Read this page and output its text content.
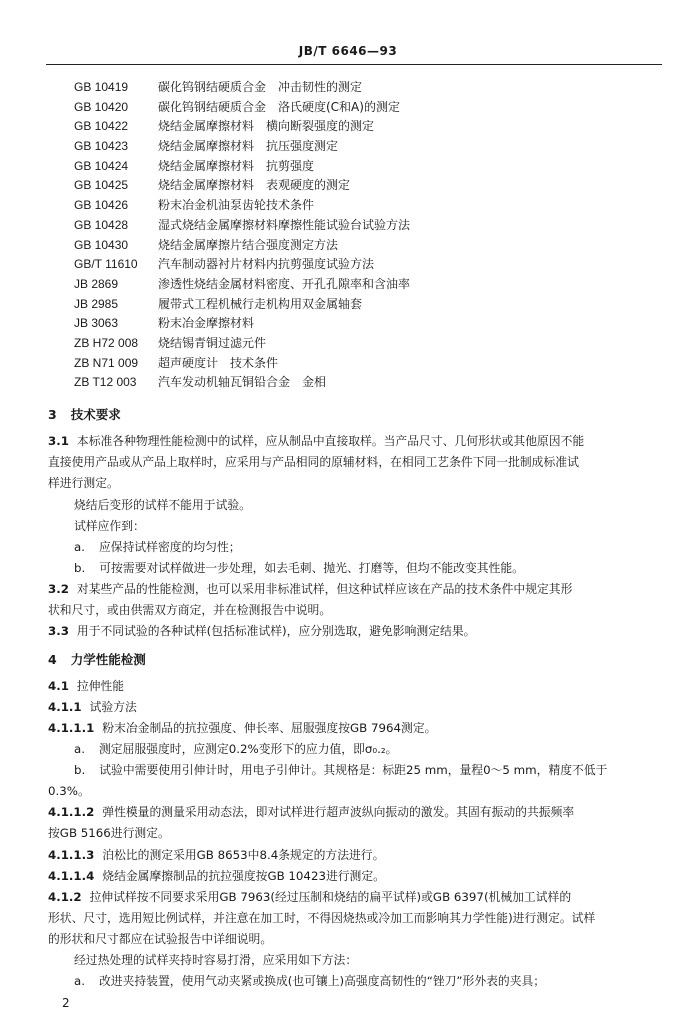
JB/T 6646—93
GB 10419 碳化钨钢结硬质合金　冲击韧性的测定
GB 10420 碳化钨钢结硬质合金　洛氏硬度(C和A)的测定
GB 10422 烧结金属摩擦材料　横向断裂强度的测定
GB 10423 烧结金属摩擦材料　抗压强度测定
GB 10424 烧结金属摩擦材料　抗剪强度
GB 10425 烧结金属摩擦材料　表观硬度的测定
GB 10426 粉末冶金机油泵齿轮技术条件
GB 10428 湿式烧结金属摩擦材料摩擦性能试验台试验方法
GB 10430 烧结金属摩擦片结合强度测定方法
GB/T 11610 汽车制动器衬片材料内抗剪强度试验方法
JB 2869	渗透性烧结金属材料密度、开孔孔隙率和含油率
JB 2985	履带式工程机械行走机构用双金属轴套
JB 3063	粉末冶金摩擦材料
ZB H72 008 烧结锡青铜过滤元件
ZB N71 009 超声硬度计　技术条件
ZB T12 003 汽车发动机轴瓦铜铅合金　金相
3 技术要求
3.1 本标准各种物理性能检测中的试样，应从制品中直接取样。当产品尺寸、几何形状或其他原因不能
直接使用产品或从产品上取样时，应采用与产品相同的原辅材料，在相同工艺条件下同一批制成标准试
样进行测定。
烧结后变形的试样不能用于试验。
试样应作到：
a. 应保持试样密度的均匀性；
b. 可按需要对试样做进一步处理，如去毛刺、抛光、打磨等，但均不能改变其性能。
3.2 对某些产品的性能检测，也可以采用非标准试样，但这种试样应该在产品的技术条件中规定其形
状和尺寸，或由供需双方商定，并在检测报告中说明。
3.3 用于不同试验的各种试样(包括标准试样)，应分别选取，避免影响测定结果。
4 力学性能检测
4.1 拉伸性能
4.1.1 试验方法
4.1.1.1 粉末冶金制品的抗拉强度、伸长率、屈服强度按GB 7964测定。
a. 测定屈服强度时，应测定0.2%变形下的应力值，即σ₀.₂。
b. 试验中需要使用引伸计时，用电子引伸计。其规格是：标距25 mm，量程0～5 mm，精度不低于
0.3%。
4.1.1.2 弹性模量的测量采用动态法，即对试样进行超声波纵向振动的激发。其固有振动的共振频率
按GB 5166进行测定。
4.1.1.3 泊松比的测定采用GB 8653中8.4条规定的方法进行。
4.1.1.4 烧结金属摩擦制品的抗拉强度按GB 10423进行测定。
4.1.2 拉伸试样按不同要求采用GB 7963(经过压制和烧结的扁平试样)或GB 6397(机械加工试样的
形状、尺寸，选用短比例试样，并注意在加工时，不得因烧热或冷加工而影响其力学性能)进行测定。试样
的形状和尺寸都应在试验报告中详细说明。
经过热处理的试样夹持时容易打滑，应采用如下方法：
a. 改进夹持装置，使用气动夹紧或换成(也可镶上)高强度高韧性的“锉刀”形外表的夹具；
2
